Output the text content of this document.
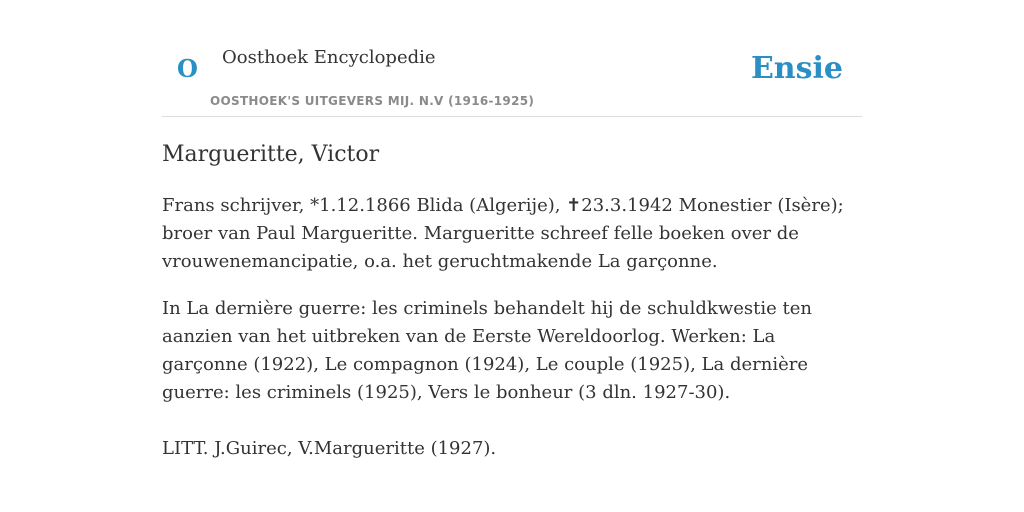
O Oosthoek Encyclopedie
OOSTHOEK'S UITGEVERS MIJ. N.V (1916-1925)
Ensie
Margueritte, Victor

Frans schrijver, *1.12.1866 Blida (Algerije), ✝23.3.1942 Monestier (Isère); broer van Paul Margueritte. Margueritte schreef felle boeken over de vrouwenemancipatie, o.a. het geruchtmakende La garçonne.

In La dernière guerre: les criminels behandelt hij de schuldkwestie ten aanzien van het uitbreken van de Eerste Wereldoorlog. Werken: La garçonne (1922), Le compagnon (1924), Le couple (1925), La dernière guerre: les criminels (1925), Vers le bonheur (3 dln. 1927-30).

LITT. J.Guirec, V.Margueritte (1927).
